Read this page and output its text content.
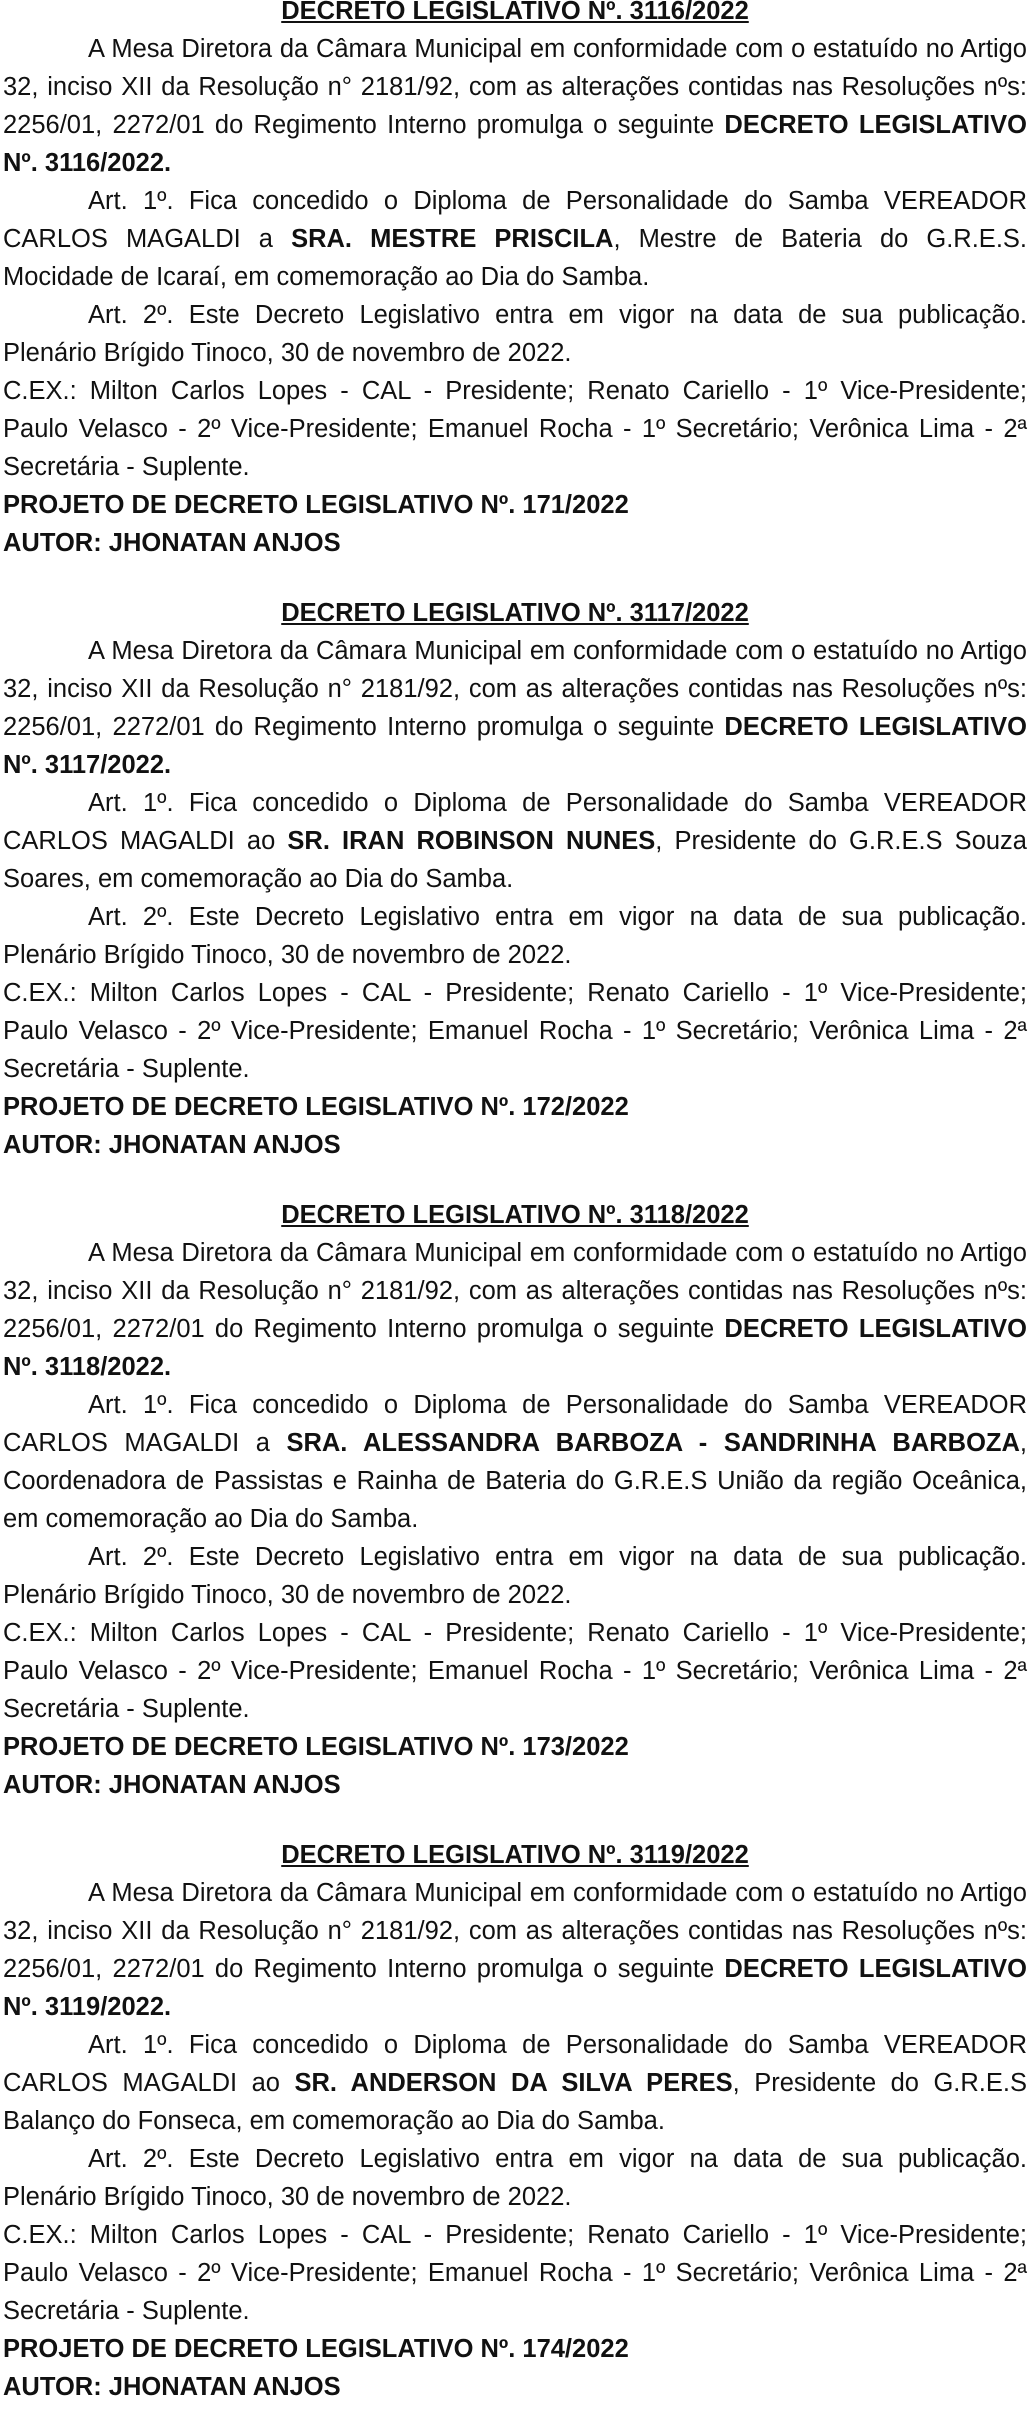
DECRETO LEGISLATIVO Nº. 3116/2022

A Mesa Diretora da Câmara Municipal em conformidade com o estatuído no Artigo 32, inciso XII da Resolução n° 2181/92, com as alterações contidas nas Resoluções nºs: 2256/01, 2272/01 do Regimento Interno promulga o seguinte DECRETO LEGISLATIVO Nº. 3116/2022.

Art. 1º. Fica concedido o Diploma de Personalidade do Samba VEREADOR CARLOS MAGALDI a SRA. MESTRE PRISCILA, Mestre de Bateria do G.R.E.S. Mocidade de Icaraí, em comemoração ao Dia do Samba.

Art. 2º. Este Decreto Legislativo entra em vigor na data de sua publicação. Plenário Brígido Tinoco, 30 de novembro de 2022.

C.EX.: Milton Carlos Lopes - CAL - Presidente; Renato Cariello - 1º Vice-Presidente; Paulo Velasco - 2º Vice-Presidente; Emanuel Rocha - 1º Secretário; Verônica Lima - 2ª Secretária - Suplente.

PROJETO DE DECRETO LEGISLATIVO Nº. 171/2022

AUTOR: JHONATAN ANJOS

DECRETO LEGISLATIVO Nº. 3117/2022

A Mesa Diretora da Câmara Municipal em conformidade com o estatuído no Artigo 32, inciso XII da Resolução n° 2181/92, com as alterações contidas nas Resoluções nºs: 2256/01, 2272/01 do Regimento Interno promulga o seguinte DECRETO LEGISLATIVO Nº. 3117/2022.

Art. 1º. Fica concedido o Diploma de Personalidade do Samba VEREADOR CARLOS MAGALDI ao SR. IRAN ROBINSON NUNES, Presidente do G.R.E.S Souza Soares, em comemoração ao Dia do Samba.

Art. 2º. Este Decreto Legislativo entra em vigor na data de sua publicação. Plenário Brígido Tinoco, 30 de novembro de 2022.

C.EX.: Milton Carlos Lopes - CAL - Presidente; Renato Cariello - 1º Vice-Presidente; Paulo Velasco - 2º Vice-Presidente; Emanuel Rocha - 1º Secretário; Verônica Lima - 2ª Secretária - Suplente.

PROJETO DE DECRETO LEGISLATIVO Nº. 172/2022

AUTOR: JHONATAN ANJOS

DECRETO LEGISLATIVO Nº. 3118/2022

A Mesa Diretora da Câmara Municipal em conformidade com o estatuído no Artigo 32, inciso XII da Resolução n° 2181/92, com as alterações contidas nas Resoluções nºs: 2256/01, 2272/01 do Regimento Interno promulga o seguinte DECRETO LEGISLATIVO Nº. 3118/2022.

Art. 1º. Fica concedido o Diploma de Personalidade do Samba VEREADOR CARLOS MAGALDI a SRA. ALESSANDRA BARBOZA - SANDRINHA BARBOZA, Coordenadora de Passistas e Rainha de Bateria do G.R.E.S União da região Oceânica, em comemoração ao Dia do Samba.

Art. 2º. Este Decreto Legislativo entra em vigor na data de sua publicação. Plenário Brígido Tinoco, 30 de novembro de 2022.

C.EX.: Milton Carlos Lopes - CAL - Presidente; Renato Cariello - 1º Vice-Presidente; Paulo Velasco - 2º Vice-Presidente; Emanuel Rocha - 1º Secretário; Verônica Lima - 2ª Secretária - Suplente.

PROJETO DE DECRETO LEGISLATIVO Nº. 173/2022

AUTOR: JHONATAN ANJOS

DECRETO LEGISLATIVO Nº. 3119/2022

A Mesa Diretora da Câmara Municipal em conformidade com o estatuído no Artigo 32, inciso XII da Resolução n° 2181/92, com as alterações contidas nas Resoluções nºs: 2256/01, 2272/01 do Regimento Interno promulga o seguinte DECRETO LEGISLATIVO Nº. 3119/2022.

Art. 1º. Fica concedido o Diploma de Personalidade do Samba VEREADOR CARLOS MAGALDI ao SR. ANDERSON DA SILVA PERES, Presidente do G.R.E.S Balanço do Fonseca, em comemoração ao Dia do Samba.

Art. 2º. Este Decreto Legislativo entra em vigor na data de sua publicação. Plenário Brígido Tinoco, 30 de novembro de 2022.

C.EX.: Milton Carlos Lopes - CAL - Presidente; Renato Cariello - 1º Vice-Presidente; Paulo Velasco - 2º Vice-Presidente; Emanuel Rocha - 1º Secretário; Verônica Lima - 2ª Secretária - Suplente.

PROJETO DE DECRETO LEGISLATIVO Nº. 174/2022

AUTOR: JHONATAN ANJOS
